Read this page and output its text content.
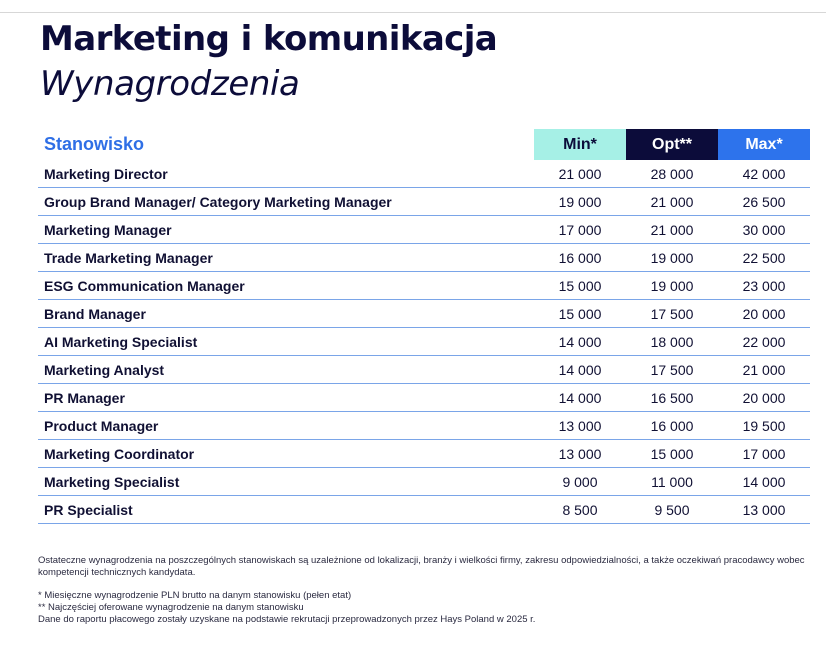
Marketing i komunikacja
Wynagrodzenia
Stanowisko	Min*	Opt**	Max*
Marketing Director	21 000	28 000	42 000
Group Brand Manager/ Category Marketing Manager	19 000	21 000	26 500
Marketing Manager	17 000	21 000	30 000
Trade Marketing Manager	16 000	19 000	22 500
ESG Communication Manager	15 000	19 000	23 000
Brand Manager	15 000	17 500	20 000
AI Marketing Specialist	14 000	18 000	22 000
Marketing Analyst	14 000	17 500	21 000
PR Manager	14 000	16 500	20 000
Product Manager	13 000	16 000	19 500
Marketing Coordinator	13 000	15 000	17 000
Marketing Specialist	9 000	11 000	14 000
PR Specialist	8 500	9 500	13 000

Ostateczne wynagrodzenia na poszczególnych stanowiskach są uzależnione od lokalizacji, branży i wielkości firmy, zakresu odpowiedzialności, a także oczekiwań pracodawcy wobec kompetencji technicznych kandydata.

* Miesięczne wynagrodzenie PLN brutto na danym stanowisku (pełen etat)

** Najczęściej oferowane wynagrodzenie na danym stanowisku

Dane do raportu płacowego zostały uzyskane na podstawie rekrutacji przeprowadzonych przez Hays Poland w 2025 r.
